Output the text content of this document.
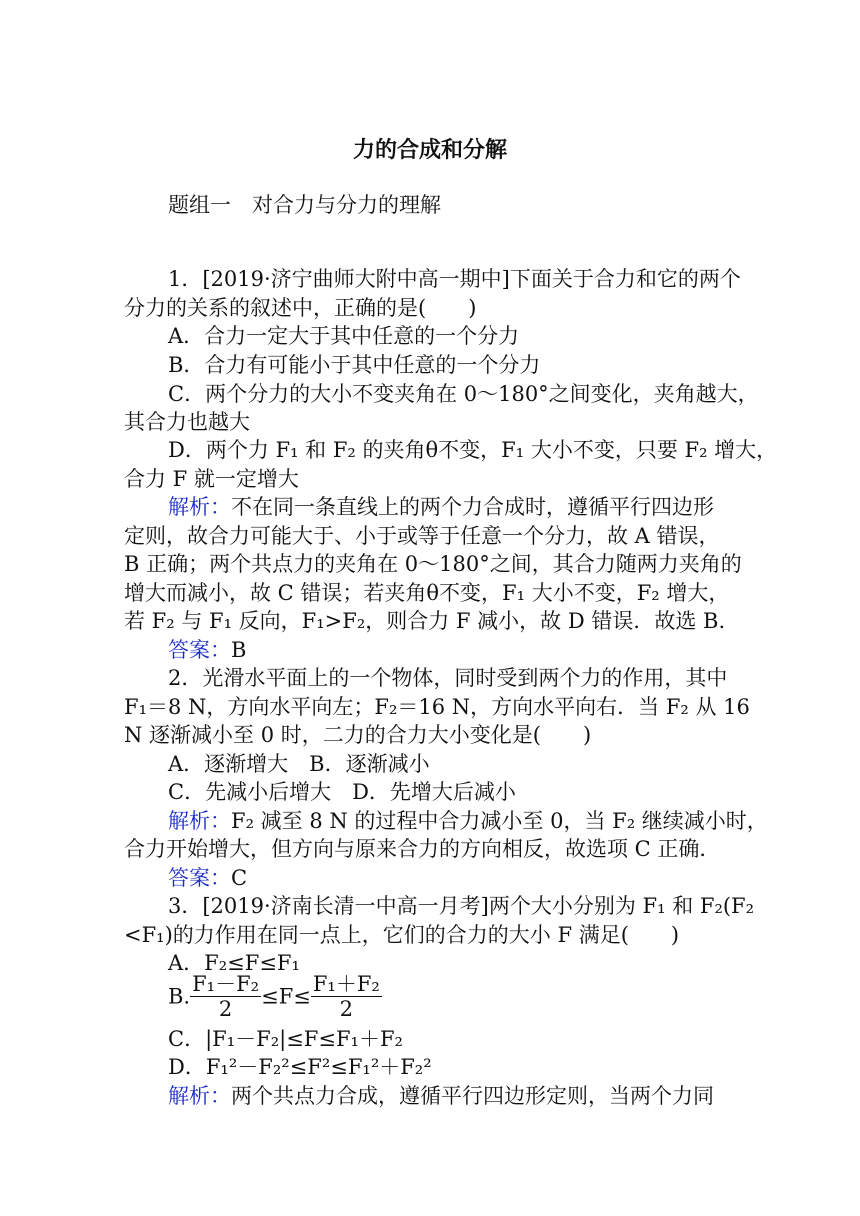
力的合成和分解
题组一　对合力与分力的理解
1．[2019·济宁曲师大附中高一期中]下面关于合力和它的两个
分力的关系的叙述中，正确的是(　　)
A．合力一定大于其中任意的一个分力
B．合力有可能小于其中任意的一个分力
C．两个分力的大小不变夹角在 0～180°之间变化，夹角越大，
其合力也越大
D．两个力 F₁ 和 F₂ 的夹角θ不变，F₁ 大小不变，只要 F₂ 增大，
合力 F 就一定增大
解析：不在同一条直线上的两个力合成时，遵循平行四边形
定则，故合力可能大于、小于或等于任意一个分力，故 A 错误，
B 正确；两个共点力的夹角在 0～180°之间，其合力随两力夹角的
增大而减小，故 C 错误；若夹角θ不变，F₁ 大小不变，F₂ 增大，
若 F₂ 与 F₁ 反向，F₁>F₂，则合力 F 减小，故 D 错误．故选 B.
答案：B
2．光滑水平面上的一个物体，同时受到两个力的作用，其中
F₁＝8 N，方向水平向左；F₂＝16 N，方向水平向右．当 F₂ 从 16
N 逐渐减小至 0 时，二力的合力大小变化是(　　)
A．逐渐增大　B．逐渐减小
C．先减小后增大　D．先增大后减小
解析：F₂ 减至 8 N 的过程中合力减小至 0，当 F₂ 继续减小时，
合力开始增大，但方向与原来合力的方向相反，故选项 C 正确．
答案：C
3．[2019·济南长清一中高一月考]两个大小分别为 F₁ 和 F₂(F₂
<F₁)的力作用在同一点上，它们的合力的大小 F 满足(　　)
A．F₂≤F≤F₁
B. $\frac{\text{F₁－F₂}}{2} \le F\le \frac{\text{F₁＋F₂}}{2}$
C．|F₁－F₂|≤F≤F₁＋F₂
D．F₁²－F₂²≤F²≤F₁²＋F₂²
解析：两个共点力合成，遵循平行四边形定则，当两个力同
